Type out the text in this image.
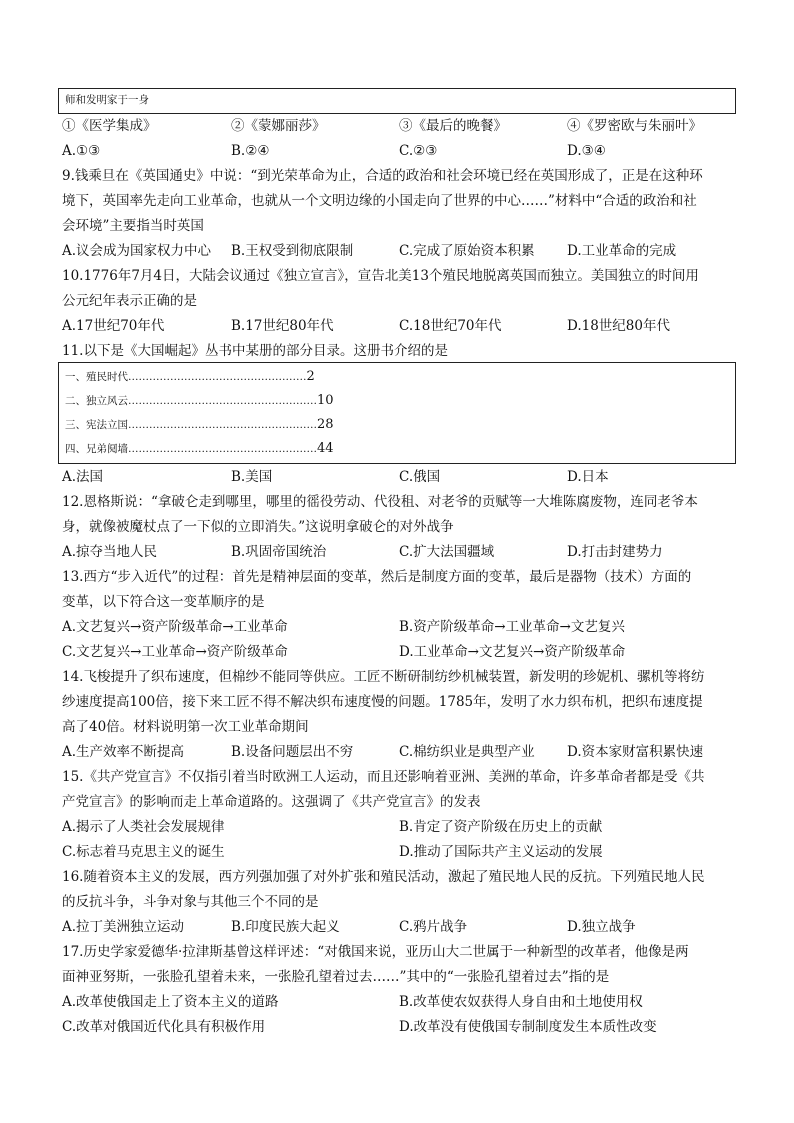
师和发明家于一身
①《医学集成》	②《蒙娜丽莎》	③《最后的晚餐》	④《罗密欧与朱丽叶》
A.①③	B.②④	C.②③	D.③④
9.钱乘旦在《英国通史》中说：“到光荣革命为止，合适的政治和社会环境已经在英国形成了，正是在这种环
境下，英国率先走向工业革命，也就从一个文明边缘的小国走向了世界的中心……”材料中“合适的政治和社
会环境”主要指当时英国
A.议会成为国家权力中心 B.王权受到彻底限制	C.完成了原始资本积累 D.工业革命的完成
10.1776年7月4日，大陆会议通过《独立宣言》，宣告北美13个殖民地脱离英国而独立。美国独立的时间用
公元纪年表示正确的是
A.17世纪70年代	B.17世纪80年代	C.18世纪70年代	D.18世纪80年代
11.以下是《大国崛起》丛书中某册的部分目录。这册书介绍的是
一、殖民时代……………………………………………2
二、独立风云………………………………………………10
三、宪法立国………………………………………………28
四、兄弟阋墙………………………………………………44
A.法国	B.美国	C.俄国	D.日本
12.恩格斯说：“拿破仑走到哪里，哪里的徭役劳动、代役租、对老爷的贡赋等一大堆陈腐废物，连同老爷本
身，就像被魔杖点了一下似的立即消失。”这说明拿破仑的对外战争
A.掠夺当地人民	B.巩固帝国统治	C.扩大法国疆域	D.打击封建势力
13.西方“步入近代”的过程：首先是精神层面的变革，然后是制度方面的变革，最后是器物（技术）方面的
变革，以下符合这一变革顺序的是
A.文艺复兴→资产阶级革命→工业革命	B.资产阶级革命→工业革命→文艺复兴
C.文艺复兴→工业革命→资产阶级革命	D.工业革命→文艺复兴→资产阶级革命
14.飞梭提升了织布速度，但棉纱不能同等供应。工匠不断研制纺纱机械装置，新发明的珍妮机、骡机等将纺
纱速度提高100倍，接下来工匠不得不解决织布速度慢的问题。1785年，发明了水力织布机，把织布速度提
高了40倍。材料说明第一次工业革命期间
A.生产效率不断提高	B.设备问题层出不穷	C.棉纺织业是典型产业 D.资本家财富积累快速
15.《共产党宣言》不仅指引着当时欧洲工人运动，而且还影响着亚洲、美洲的革命，许多革命者都是受《共
产党宣言》的影响而走上革命道路的。这强调了《共产党宣言》的发表
A.揭示了人类社会发展规律	B.肯定了资产阶级在历史上的贡献
C.标志着马克思主义的诞生	D.推动了国际共产主义运动的发展
16.随着资本主义的发展，西方列强加强了对外扩张和殖民活动，激起了殖民地人民的反抗。下列殖民地人民
的反抗斗争，斗争对象与其他三个不同的是
A.拉丁美洲独立运动	B.印度民族大起义	C.鸦片战争	D.独立战争
17.历史学家爱德华·拉津斯基曾这样评述：“对俄国来说，亚历山大二世属于一种新型的改革者，他像是两
面神亚努斯，一张脸孔望着未来，一张脸孔望着过去……”其中的“一张脸孔望着过去”指的是
A.改革使俄国走上了资本主义的道路	B.改革使农奴获得人身自由和土地使用权
C.改革对俄国近代化具有积极作用	D.改革没有使俄国专制制度发生本质性改变
